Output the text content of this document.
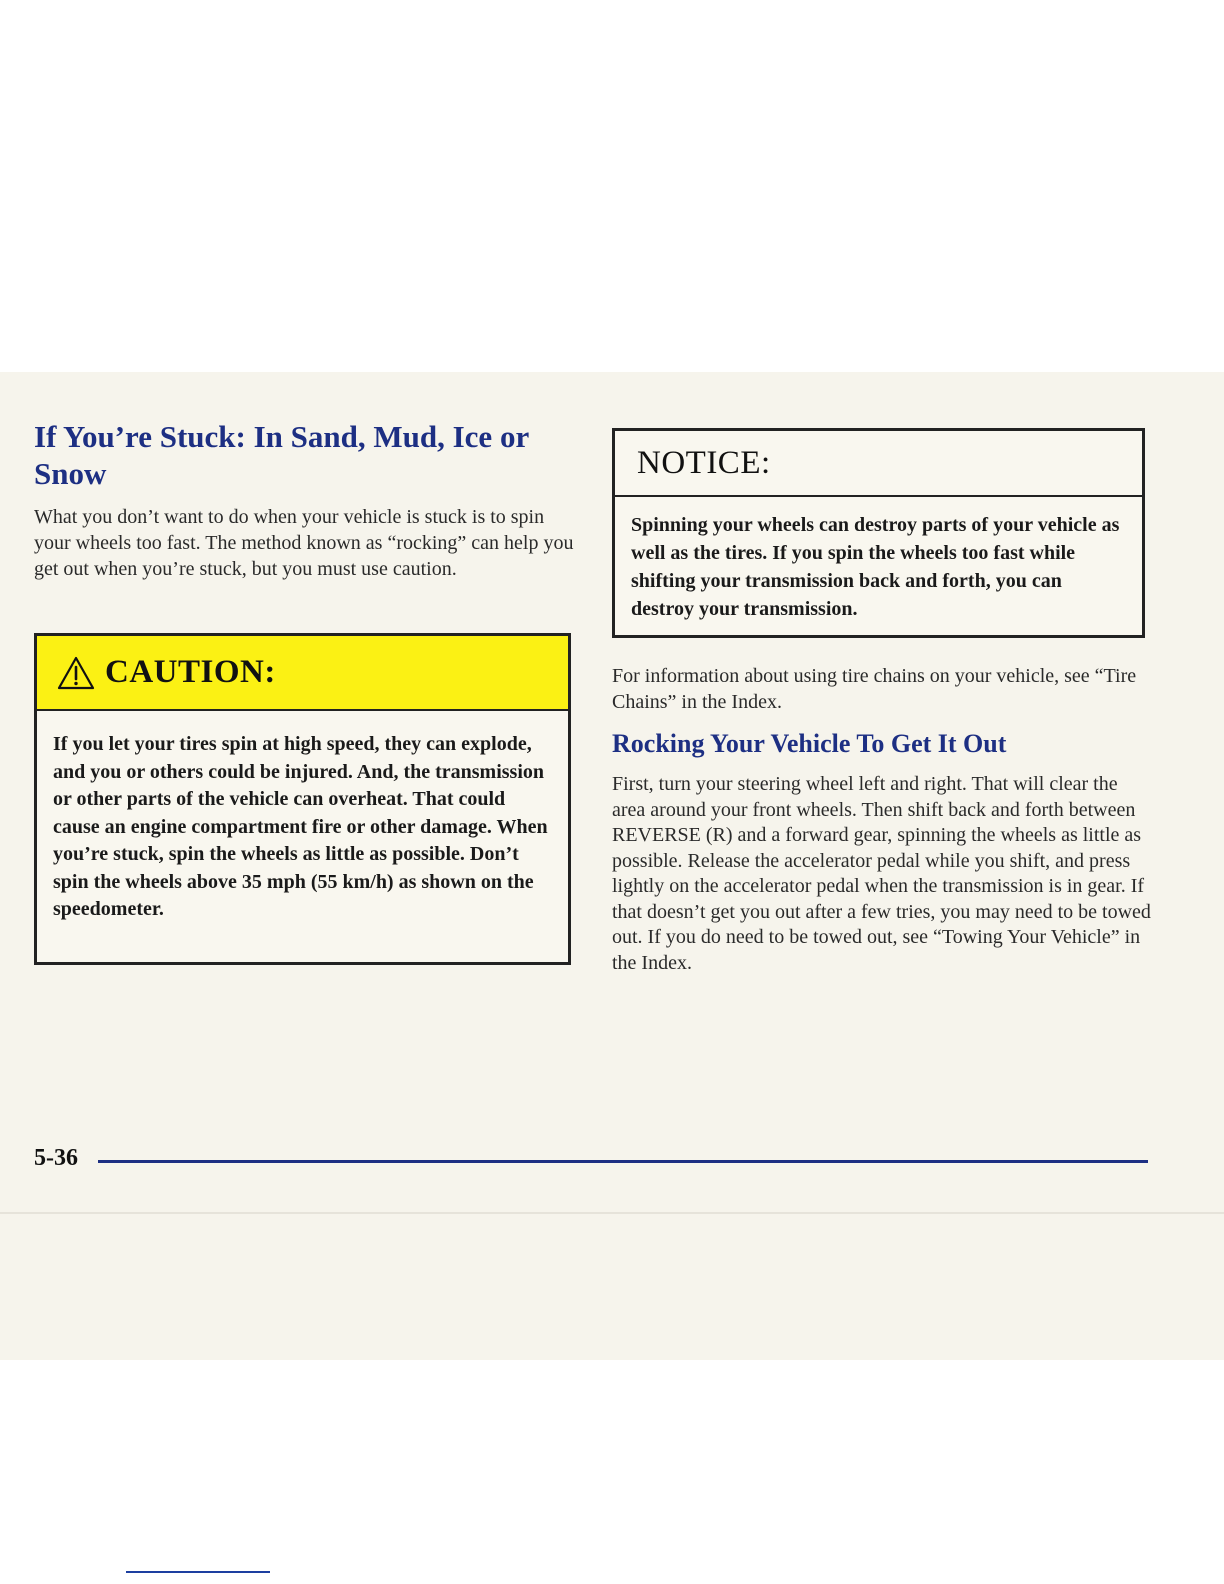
If You’re Stuck: In Sand, Mud, Ice or Snow

What you don’t want to do when your vehicle is stuck is to spin your wheels too fast. The method known as “rocking” can help you get out when you’re stuck, but you must use caution.

CAUTION:

If you let your tires spin at high speed, they can explode, and you or others could be injured. And, the transmission or other parts of the vehicle can overheat. That could cause an engine compartment fire or other damage. When you’re stuck, spin the wheels as little as possible. Don’t spin the wheels above 35 mph (55 km/h) as shown on the speedometer.

NOTICE:

Spinning your wheels can destroy parts of your vehicle as well as the tires. If you spin the wheels too fast while shifting your transmission back and forth, you can destroy your transmission.

For information about using tire chains on your vehicle, see “Tire Chains” in the Index.

Rocking Your Vehicle To Get It Out

First, turn your steering wheel left and right. That will clear the area around your front wheels. Then shift back and forth between REVERSE (R) and a forward gear, spinning the wheels as little as possible. Release the accelerator pedal while you shift, and press lightly on the accelerator pedal when the transmission is in gear. If that doesn’t get you out after a few tries, you may need to be towed out. If you do need to be towed out, see “Towing Your Vehicle” in the Index.

5-36
